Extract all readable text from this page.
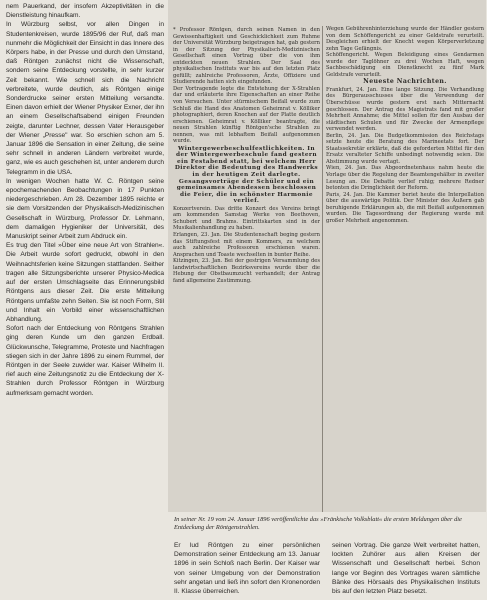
nem Pauerkand, der insofern Akzeptivitäten in die Dienstleistung hinaufkam.

In Würzburg selbst, vor allen Dingen in Studentenkreisen, wurde 1895/96 der Ruf, daß man nunmehr die Möglichkeit der Einsicht in das Innere des Körpers habe, in der Presse und durch den Umstand, daß Röntgen zunächst nicht die Wissenschaft, sondern seine Entdeckung vorstellte, in sehr kurzer Zeit bekannt. Wie schnell sich die Nachricht verbreitete, wurde deutlich, als Röntgen einige Sonderdrucke seiner ersten Mitteilung versandte. Einen davon erhielt der Wiener Physiker Exner, der ihn an einem Gesellschaftsabend einigen Freunden zeigte, darunter Lechner, dessen Vater Herausgeber der Wiener „Presse" war. So erschien schon am 5. Januar 1896 die Sensation in einer Zeitung, die seine sehr schnell in anderen Ländern verbreitet wurde, ganz, wie es auch geschehen ist, unter anderem durch Telegramm in die USA.

In wenigen Wochen hatte W. C. Röntgen seine epochemachenden Beobachtungen in 17 Punkten niedergeschrieben. Am 28. Dezember 1895 reichte er sie dem Vorsitzenden der Physikalisch-Medizinischen Gesellschaft in Würzburg, Professor Dr. Lehmann, dem damaligen Hygieniker der Universität, des Manuskript seiner Arbeit zum Abdruck ein.

Es trug den Titel »Über eine neue Art von Strahlen«. Die Arbeit wurde sofort gedruckt, obwohl in den Weihnachtsferien keine Sitzungen stattfanden. Seither tragen alle Sitzungsberichte unserer Physico-Medica auf der ersten Umschlagseite das Erinnerungsbild Röntgens aus dieser Zeit. Die erste Mitteilung Röntgens umfaßte zehn Seiten. Sie ist noch Form, Stil und Inhalt ein Vorbild einer wissenschaftlichen Abhandlung.

Sofort nach der Entdeckung von Röntgens Strahlen ging deren Kunde um den ganzen Erdball. Glückwunsche, Telegramme, Proteste und Nachfragen stiegen sich in der Jahre 1896 zu einem Rummel, der Röntgen in der Seele zuwider war. Kaiser Wilhelm II. rief auch eine Zeitungsnotiz zu die Entdeckung der X-Strahlen durch Professor Röntgen in Würzburg aufmerksam gemacht worden.

* Professor Röntgen, durch seinen Namen in den Gewissenhaftigkeit und Geschicklichkeit zum Ruhme der Universität Würzburg beigetragen hat, gab gestern in der Sitzung der Physikalisch-Medizinischen Gesellschaft einen Vortrag über die von ihm entdeckten neuen Strahlen. Der Saal des physikalischen Instituts war bis auf den letzten Platz gefüllt; zahlreiche Professoren, Ärzte, Offiziere und Studierende hatten sich eingefunden.

Der Vortragende legte die Entstehung der X-Strahlen dar und erläuterte ihre Eigenschaften an einer Reihe von Versuchen. Unter stürmischem Beifall wurde zum Schluß die Hand des Anatomen Geheimrat v. Kölliker photographiert, deren Knochen auf der Platte deutlich erschienen. Geheimrat v. Kölliker beantragte, die neuen Strahlen künftig Röntgen'sche Strahlen zu nennen, was mit lebhaftem Beifall aufgenommen wurde.

Wintergewerbeschulfestlichkeiten. In der Wintergewerbeschule fand gestern ein Festabend statt, bei welchem Herr Direktor die Bedeutung des Handwerks in der heutigen Zeit darlegte. Gesangsvorträge der Schüler und ein gemeinsames Abendessen beschlossen die Feier, die in schönster Harmonie verlief.

Konzertverein. Das dritte Konzert des Vereins bringt am kommenden Samstag Werke von Beethoven, Schubert und Brahms. Eintrittskarten sind in der Musikalienhandlung zu haben.

Erlangen, 23. Jan. Die Studentenschaft beging gestern das Stiftungsfest mit einem Kommers, zu welchem auch zahlreiche Professoren erschienen waren. Ansprachen und Toaste wechselten in bunter Reihe.

Kitzingen, 23. Jan. Bei der gestrigen Versammlung des landwirtschaftlichen Bezirksvereins wurde über die Hebung der Obstbaumzucht verhandelt; der Antrag fand allgemeine Zustimmung.

Wegen Gebührenhinterziehung wurde der Händler gestern von dem Schöffengericht zu einer Geldstrafe verurteilt. Desgleichen erhielt der Knecht wegen Körperverletzung zehn Tage Gefängnis.

Schöffengericht. Wegen Beleidigung eines Gendarmen wurde der Taglöhner zu drei Wochen Haft, wegen Sachbeschädigung ein Dienstknecht zu fünf Mark Geldstrafe verurteilt.

Neueste Nachrichten.

Frankfurt, 24. Jan. Eine lange Sitzung. Die Verhandlung des Bürgerausschusses über die Verwendung der Überschüsse wurde gestern erst nach Mitternacht geschlossen. Der Antrag des Magistrats fand mit großer Mehrheit Annahme; die Mittel sollen für den Ausbau der städtischen Schulen und für Zwecke der Armenpflege verwendet werden.

Berlin, 24. Jan. Die Budgetkommission des Reichstags setzte heute die Beratung des Marineetats fort. Der Staatssekretär erklärte, daß die geforderten Mittel für den Ersatz veralteter Schiffe unbedingt notwendig seien. Die Abstimmung wurde vertagt.

Wien, 24. Jan. Das Abgeordnetenhaus nahm heute die Vorlage über die Regelung der Beamtengehälter in zweiter Lesung an. Die Debatte verlief ruhig; mehrere Redner betonten die Dringlichkeit der Reform.

Paris, 24. Jan. Die Kammer beriet heute die Interpellation über die auswärtige Politik. Der Minister des Äußern gab beruhigende Erklärungen ab, die mit Beifall aufgenommen wurden. Die Tagesordnung der Regierung wurde mit großer Mehrheit angenommen.

In seiner Nr. 19 vom 24. Januar 1896 veröffentlichte das »Fränkische Volksblatt« die ersten Meldungen über die Entdeckung der Röntgenstrahlen.

Er lud Röntgen zu einer persönlichen Demonstration seiner Entdeckung am 13. Januar 1896 in sein Schloß nach Berlin. Der Kaiser war von seiner Umgebung von der Demonstration sehr angetan und ließ ihn sofort den Kronenorden II. Klasse überreichen.

seinen Vortrag. Die ganze Welt verbreitet hatten, lockten Zuhörer aus allen Kreisen der Wissenschaft und Gesellschaft herbei. Schon lange vor Beginn des Vortrages waren sämtliche Bänke des Hörsaals des Physikalischen Instituts bis auf den letzten Platz besetzt.
